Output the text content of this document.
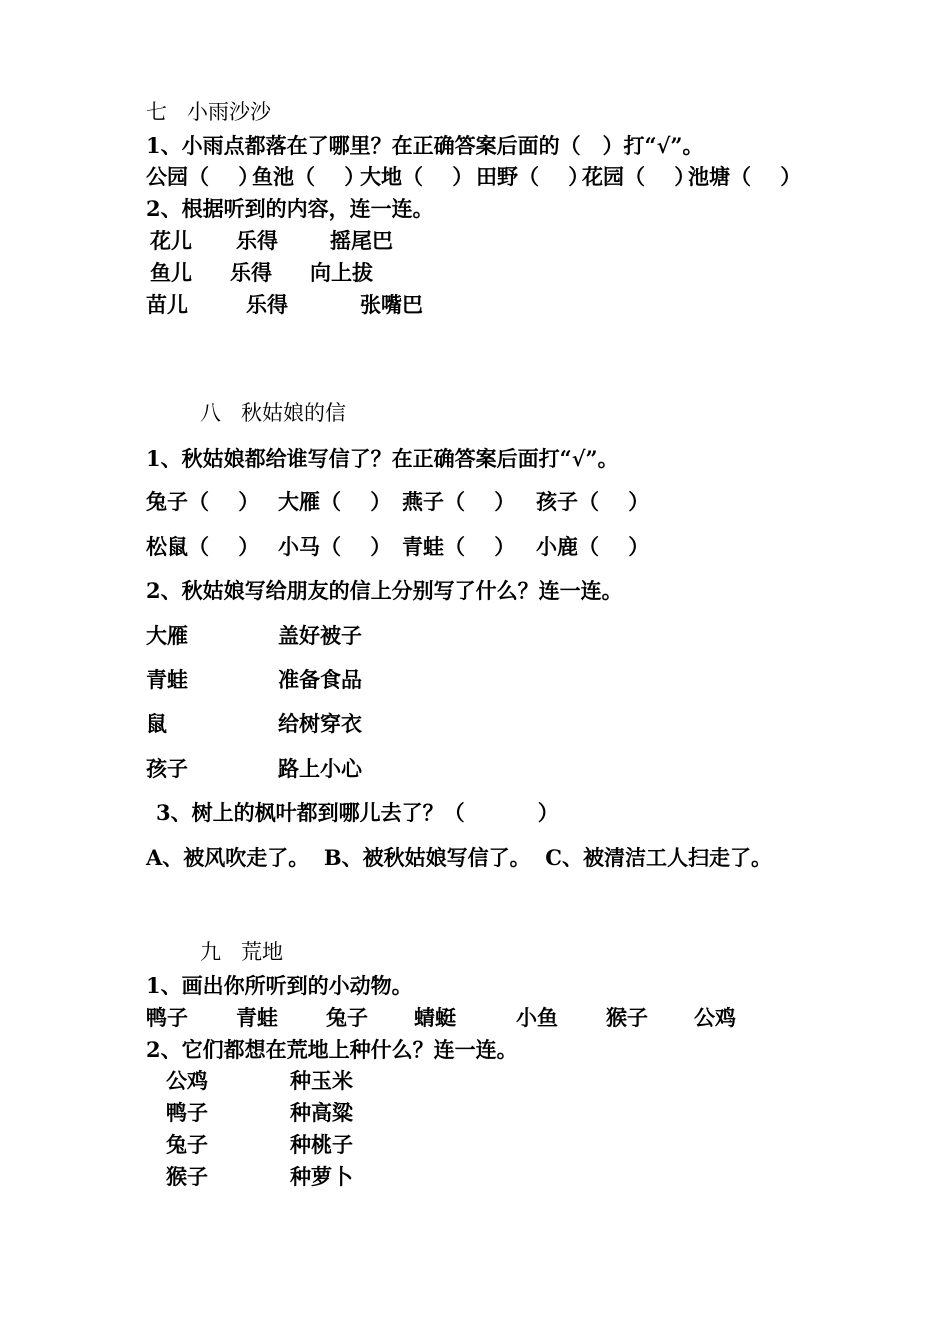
七   小雨沙沙
1、小雨点都落在了哪里？在正确答案后面的（   ）打“√”。
公园（    ）
鱼池（    ）
大地（    ） 田野（    ）
花园（    ）
池塘（    ）
2、根据听到的内容，连一连。
花儿 乐得 摇尾巴
鱼儿 乐得 向上拔
苗儿	乐得	张嘴巴
八   秋姑娘的信
1、秋姑娘都给谁写信了？在正确答案后面打“√”。
兔子（    ） 大雁（    ） 燕子（    ） 孩子（    ）
松鼠（    ） 小马（    ） 青蛙（    ） 小鹿（    ）
2、秋姑娘写给朋友的信上分别写了什么？连一连。
大雁	盖好被子
青蛙	准备食品
鼠	给树穿衣
孩子	路上小心
3、树上的枫叶都到哪儿去了？（          ）
A、被风吹走了。  B、被秋姑娘写信了。  C、被清洁工人扫走了。
九   荒地
1、画出你所听到的小动物。
鸭子 青蛙 兔子 蜻蜓	小鱼 猴子 公鸡
2、它们都想在荒地上种什么？连一连。
公鸡	种玉米
鸭子	种高粱
兔子	种桃子
猴子	种萝卜
